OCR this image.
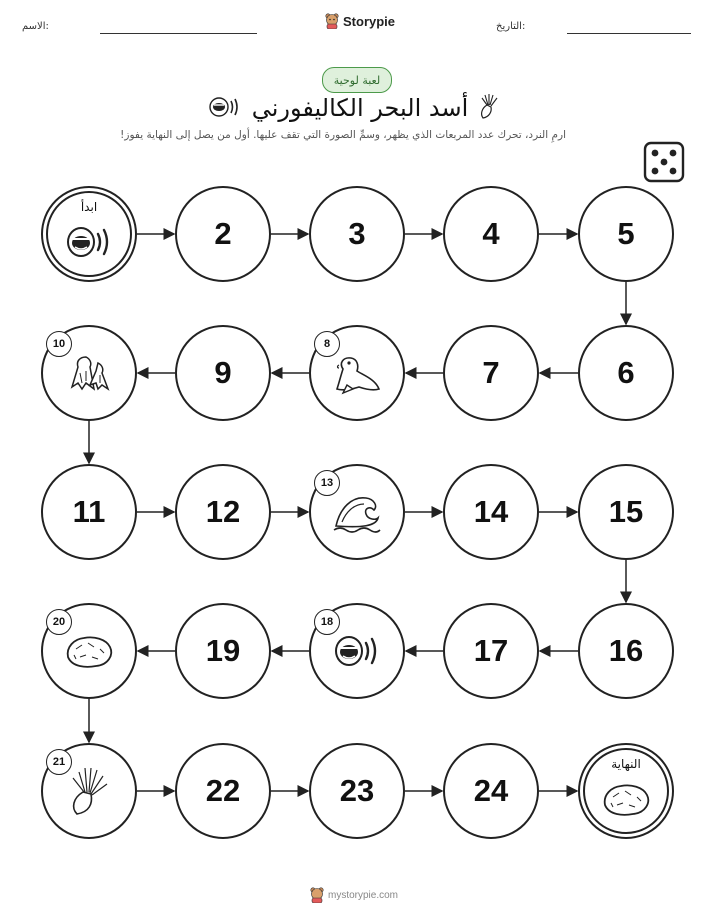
الاسم:	Storypie	التاريخ:
لعبة لوحية
أسد البحر الكاليفورني
ارمِ النرد، تحرك عدد المربعات الذي يظهر، وسمِّ الصورة التي تقف عليها. أول من يصل إلى النهاية يفوز!
ابدأ
2	3	4	5
6
7
8
9
10
11	12
13
14	15
16
17
18
19
20
21
22	23	24
النهاية
mystorypie.com
